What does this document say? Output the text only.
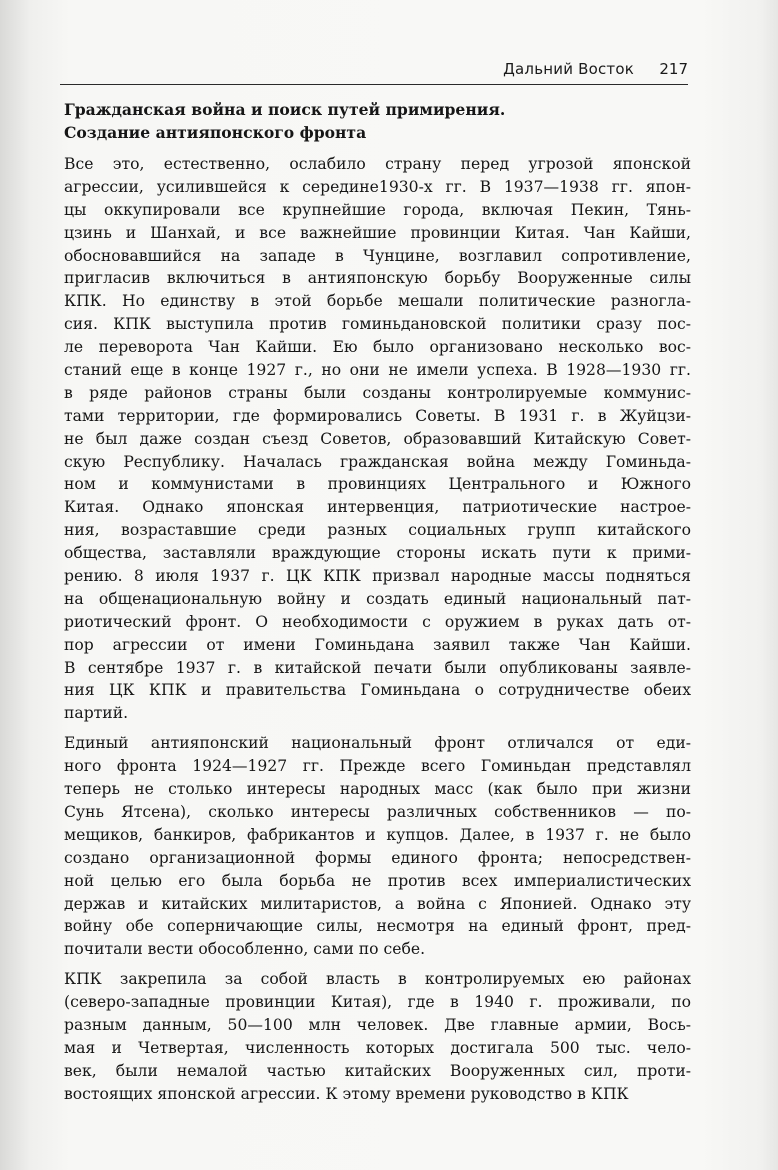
Дальний Восток 217
Гражданская война и поиск путей примирения.
Создание антияпонского фронта
Все это, естественно, ослабило страну перед угрозой японской
агрессии, усилившейся к середине1930-х гг. В 1937—1938 гг. япон-
цы оккупировали все крупнейшие города, включая Пекин, Тянь-
цзинь и Шанхай, и все важнейшие провинции Китая. Чан Кайши,
обосновавшийся на западе в Чунцине, возглавил сопротивление,
пригласив включиться в антияпонскую борьбу Вооруженные силы
КПК. Но единству в этой борьбе мешали политические разногла-
сия. КПК выступила против гоминьдановской политики сразу пос-
ле переворота Чан Кайши. Ею было организовано несколько вос-
станий еще в конце 1927 г., но они не имели успеха. В 1928—1930 гг.
в ряде районов страны были созданы контролируемые коммунис-
тами территории, где формировались Советы. В 1931 г. в Жуйцзи-
не был даже создан съезд Советов, образовавший Китайскую Совет-
скую Республику. Началась гражданская война между Гоминьда-
ном и коммунистами в провинциях Центрального и Южного
Китая. Однако японская интервенция, патриотические настрое-
ния, возраставшие среди разных социальных групп китайского
общества, заставляли враждующие стороны искать пути к прими-
рению. 8 июля 1937 г. ЦК КПК призвал народные массы подняться
на общенациональную войну и создать единый национальный пат-
риотический фронт. О необходимости с оружием в руках дать от-
пор агрессии от имени Гоминьдана заявил также Чан Кайши.
В сентябре 1937 г. в китайской печати были опубликованы заявле-
ния ЦК КПК и правительства Гоминьдана о сотрудничестве обеих
партий.
Единый антияпонский национальный фронт отличался от еди-
ного фронта 1924—1927 гг. Прежде всего Гоминьдан представлял
теперь не столько интересы народных масс (как было при жизни
Сунь Ятсена), сколько интересы различных собственников — по-
мещиков, банкиров, фабрикантов и купцов. Далее, в 1937 г. не было
создано организационной формы единого фронта; непосредствен-
ной целью его была борьба не против всех империалистических
держав и китайских милитаристов, а война с Японией. Однако эту
войну обе соперничающие силы, несмотря на единый фронт, пред-
почитали вести обособленно, сами по себе.
КПК закрепила за собой власть в контролируемых ею районах
(северо-западные провинции Китая), где в 1940 г. проживали, по
разным данным, 50—100 млн человек. Две главные армии, Вось-
мая и Четвертая, численность которых достигала 500 тыс. чело-
век, были немалой частью китайских Вооруженных сил, проти-
востоящих японской агрессии. К этому времени руководство в КПК
